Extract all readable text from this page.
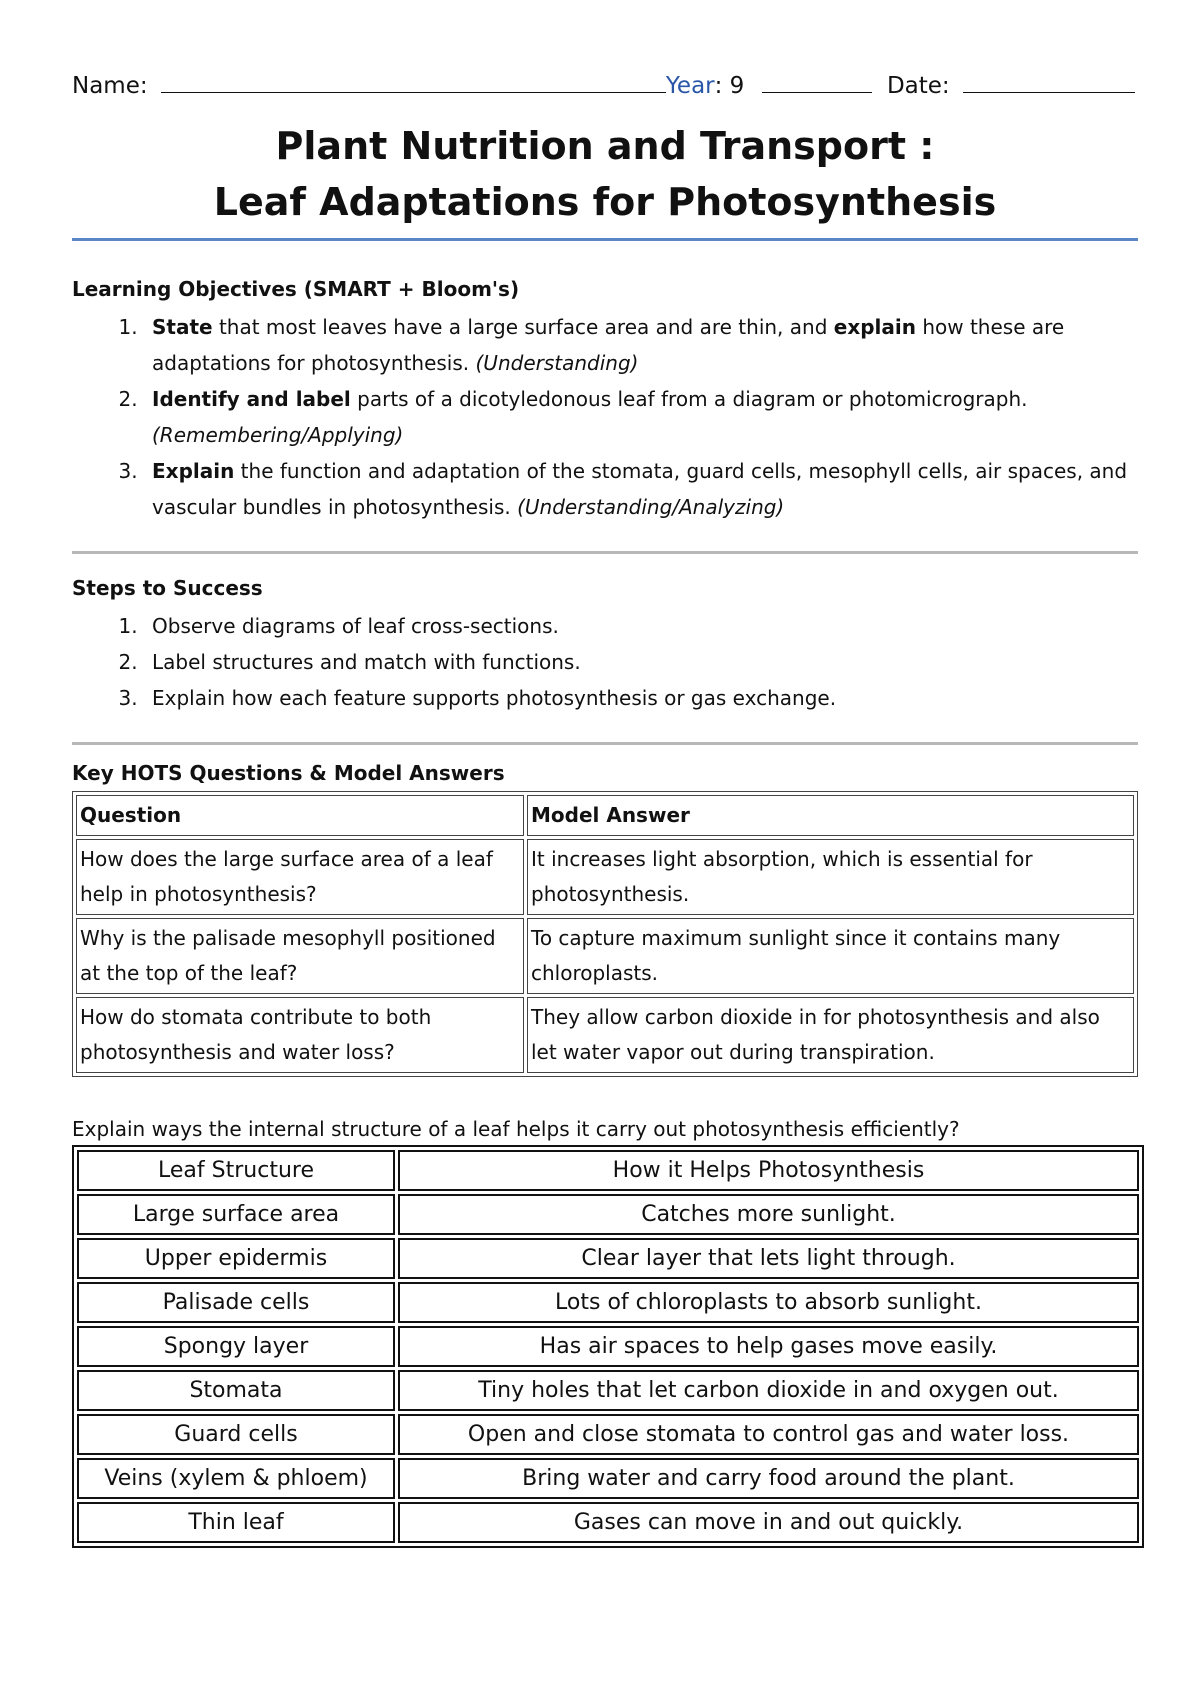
Name:	Year: 9	Date:
Plant Nutrition and Transport :
Leaf Adaptations for Photosynthesis
Learning Objectives (SMART + Bloom's)
1. State that most leaves have a large surface area and are thin, and explain how these are adaptations for photosynthesis. (Understanding)
2. Identify and label parts of a dicotyledonous leaf from a diagram or photomicrograph. (Remembering/Applying)
3. Explain the function and adaptation of the stomata, guard cells, mesophyll cells, air spaces, and vascular bundles in photosynthesis. (Understanding/Analyzing)
Steps to Success
1. Observe diagrams of leaf cross-sections.
2. Label structures and match with functions.
3. Explain how each feature supports photosynthesis or gas exchange.
Key HOTS Questions & Model Answers
Question	Model Answer
How does the large surface area of a leaf help in photosynthesis?	It increases light absorption, which is essential for photosynthesis.
Why is the palisade mesophyll positioned at the top of the leaf?	To capture maximum sunlight since it contains many chloroplasts.
How do stomata contribute to both photosynthesis and water loss?	They allow carbon dioxide in for photosynthesis and also let water vapor out during transpiration.
Explain ways the internal structure of a leaf helps it carry out photosynthesis efficiently?
Leaf Structure	How it Helps Photosynthesis
Large surface area	Catches more sunlight.
Upper epidermis	Clear layer that lets light through.
Palisade cells	Lots of chloroplasts to absorb sunlight.
Spongy layer	Has air spaces to help gases move easily.
Stomata	Tiny holes that let carbon dioxide in and oxygen out.
Guard cells	Open and close stomata to control gas and water loss.
Veins (xylem & phloem)	Bring water and carry food around the plant.
Thin leaf	Gases can move in and out quickly.
